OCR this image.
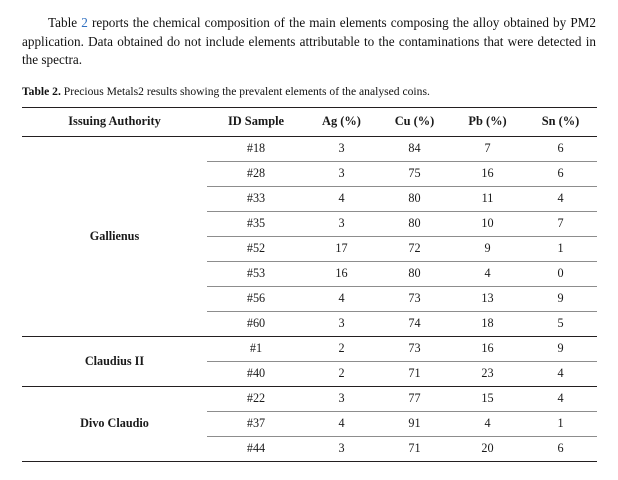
Table 2 reports the chemical composition of the main elements composing the alloy obtained by PM2 application. Data obtained do not include elements attributable to the contaminations that were detected in the spectra.

Table 2. Precious Metals2 results showing the prevalent elements of the analysed coins.

Issuing Authority	ID Sample	Ag (%)	Cu (%)	Pb (%)	Sn (%)
Gallienus	#18	3	84	7	6
	#28	3	75	16	6
	#33	4	80	11	4
	#35	3	80	10	7
	#52	17	72	9	1
	#53	16	80	4	0
	#56	4	73	13	9
	#60	3	74	18	5
Claudius II	#1	2	73	16	9
	#40	2	71	23	4
Divo Claudio	#22	3	77	15	4
	#37	4	91	4	1
	#44	3	71	20	6
